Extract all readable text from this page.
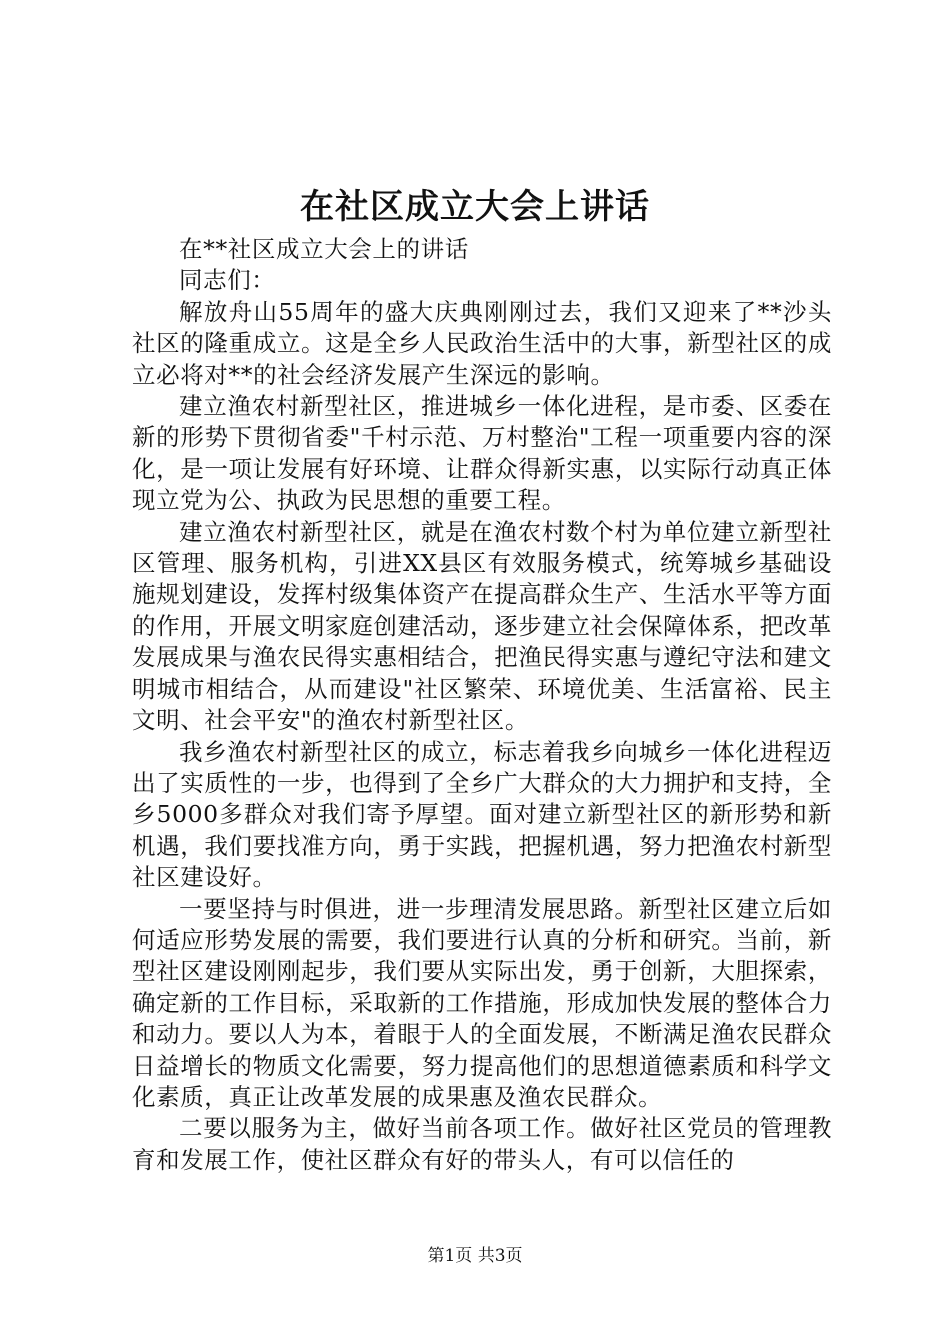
在社区成立大会上讲话

在**社区成立大会上的讲话

同志们：

解放舟山55周年的盛大庆典刚刚过去，我们又迎来了**沙头社区的隆重成立。这是全乡人民政治生活中的大事，新型社区的成立必将对**的社会经济发展产生深远的影响。

建立渔农村新型社区，推进城乡一体化进程，是市委、区委在新的形势下贯彻省委"千村示范、万村整治"工程一项重要内容的深化，是一项让发展有好环境、让群众得新实惠，以实际行动真正体现立党为公、执政为民思想的重要工程。

建立渔农村新型社区，就是在渔农村数个村为单位建立新型社区管理、服务机构，引进XX县区有效服务模式，统筹城乡基础设施规划建设，发挥村级集体资产在提高群众生产、生活水平等方面的作用，开展文明家庭创建活动，逐步建立社会保障体系，把改革发展成果与渔农民得实惠相结合，把渔民得实惠与遵纪守法和建文明城市相结合，从而建设"社区繁荣、环境优美、生活富裕、民主文明、社会平安"的渔农村新型社区。

我乡渔农村新型社区的成立，标志着我乡向城乡一体化进程迈出了实质性的一步，也得到了全乡广大群众的大力拥护和支持，全乡5000多群众对我们寄予厚望。面对建立新型社区的新形势和新机遇，我们要找准方向，勇于实践，把握机遇，努力把渔农村新型社区建设好。

一要坚持与时俱进，进一步理清发展思路。新型社区建立后如何适应形势发展的需要，我们要进行认真的分析和研究。当前，新型社区建设刚刚起步，我们要从实际出发，勇于创新，大胆探索，确定新的工作目标，采取新的工作措施，形成加快发展的整体合力和动力。要以人为本，着眼于人的全面发展，不断满足渔农民群众日益增长的物质文化需要，努力提高他们的思想道德素质和科学文化素质，真正让改革发展的成果惠及渔农民群众。

二要以服务为主，做好当前各项工作。做好社区党员的管理教育和发展工作，使社区群众有好的带头人，有可以信任的

第1页 共3页
